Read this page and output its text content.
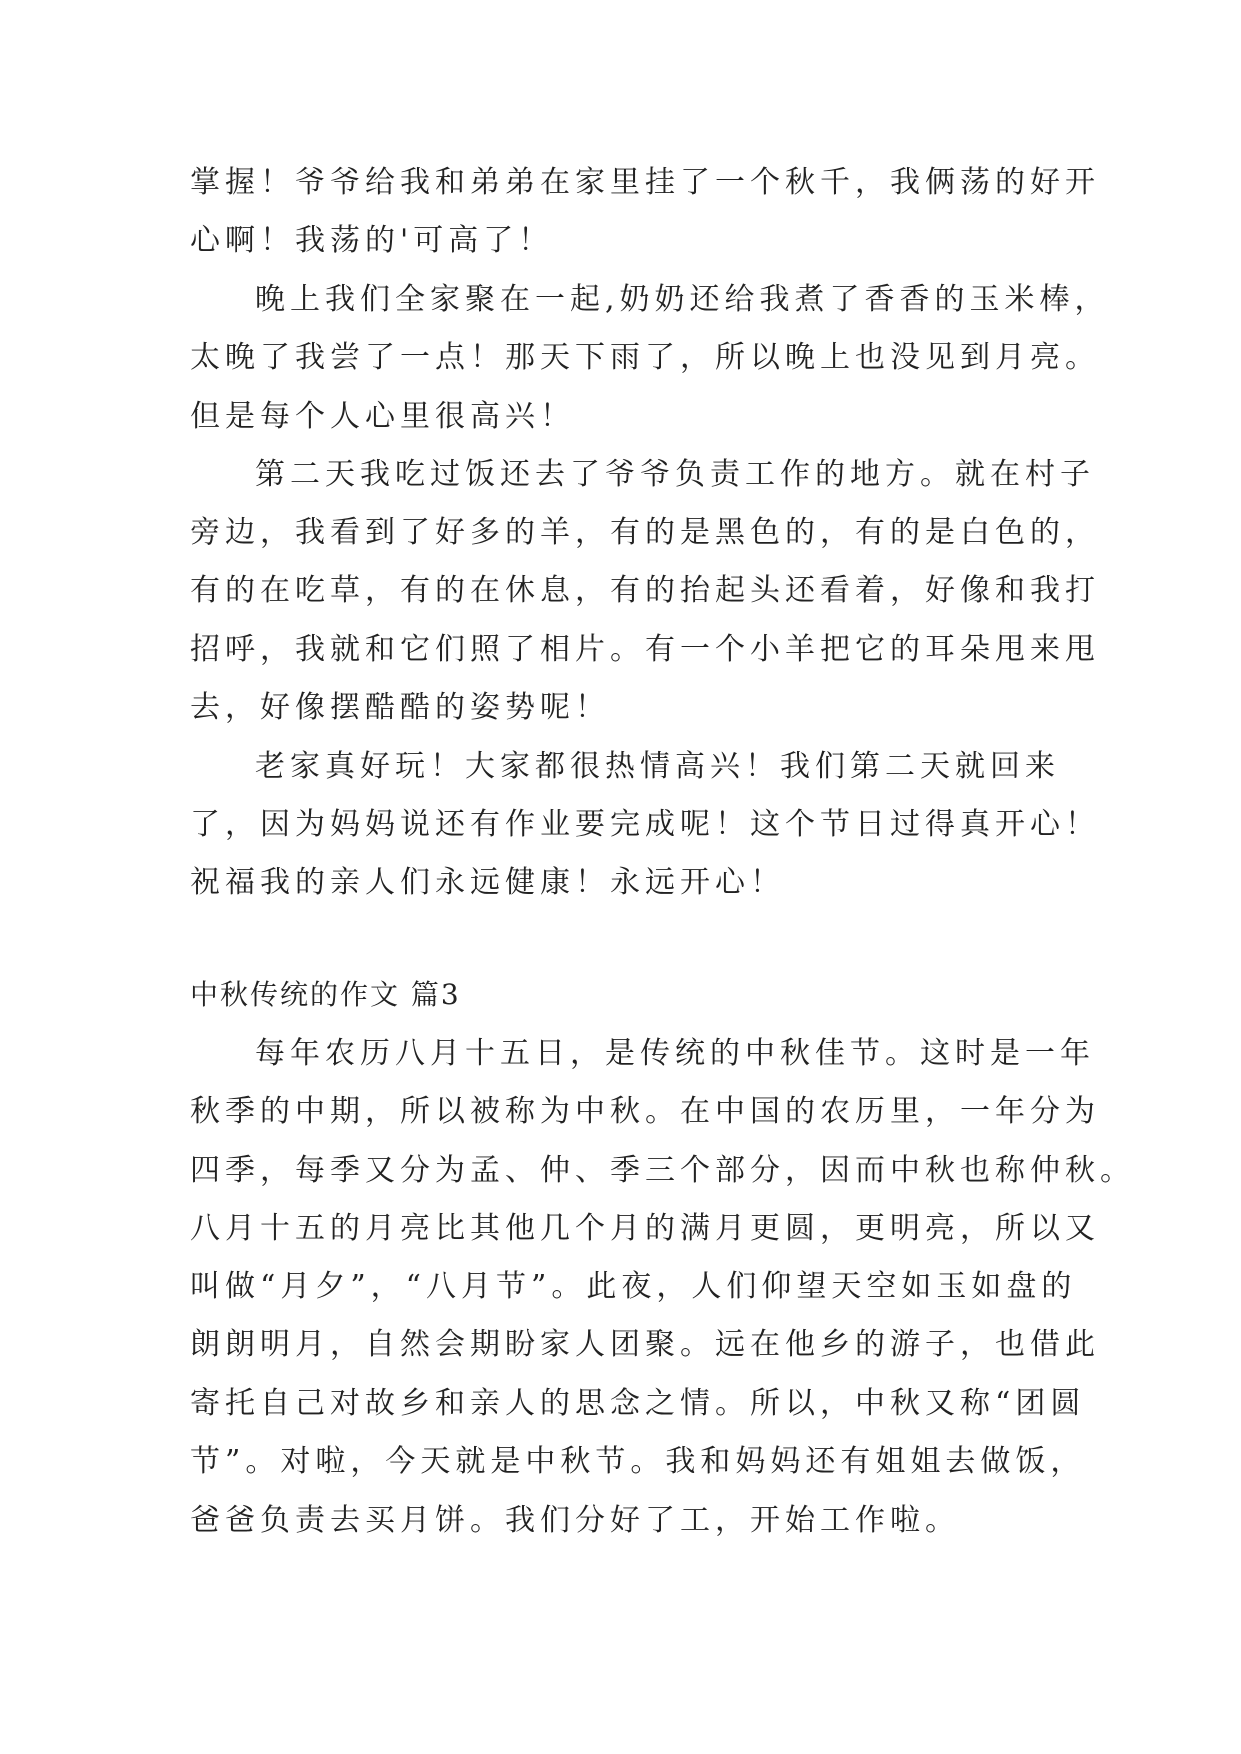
掌握！爷爷给我和弟弟在家里挂了一个秋千，我俩荡的好开
心啊！我荡的'可高了！
晚上我们全家聚在一起,奶奶还给我煮了香香的玉米棒，
太晚了我尝了一点！那天下雨了，所以晚上也没见到月亮。
但是每个人心里很高兴！
第二天我吃过饭还去了爷爷负责工作的地方。就在村子
旁边，我看到了好多的羊，有的是黑色的，有的是白色的，
有的在吃草，有的在休息，有的抬起头还看着，好像和我打
招呼，我就和它们照了相片。有一个小羊把它的耳朵甩来甩
去，好像摆酷酷的姿势呢！
老家真好玩！大家都很热情高兴！我们第二天就回来
了，因为妈妈说还有作业要完成呢！这个节日过得真开心！
祝福我的亲人们永远健康！永远开心！
中秋传统的作文 篇3
每年农历八月十五日，是传统的中秋佳节。这时是一年
秋季的中期，所以被称为中秋。在中国的农历里，一年分为
四季，每季又分为孟、仲、季三个部分，因而中秋也称仲秋。
八月十五的月亮比其他几个月的满月更圆，更明亮，所以又
叫做“月夕”，“八月节”。此夜，人们仰望天空如玉如盘的
朗朗明月，自然会期盼家人团聚。远在他乡的游子，也借此
寄托自己对故乡和亲人的思念之情。所以，中秋又称“团圆
节”。对啦，今天就是中秋节。我和妈妈还有姐姐去做饭，
爸爸负责去买月饼。我们分好了工，开始工作啦。
